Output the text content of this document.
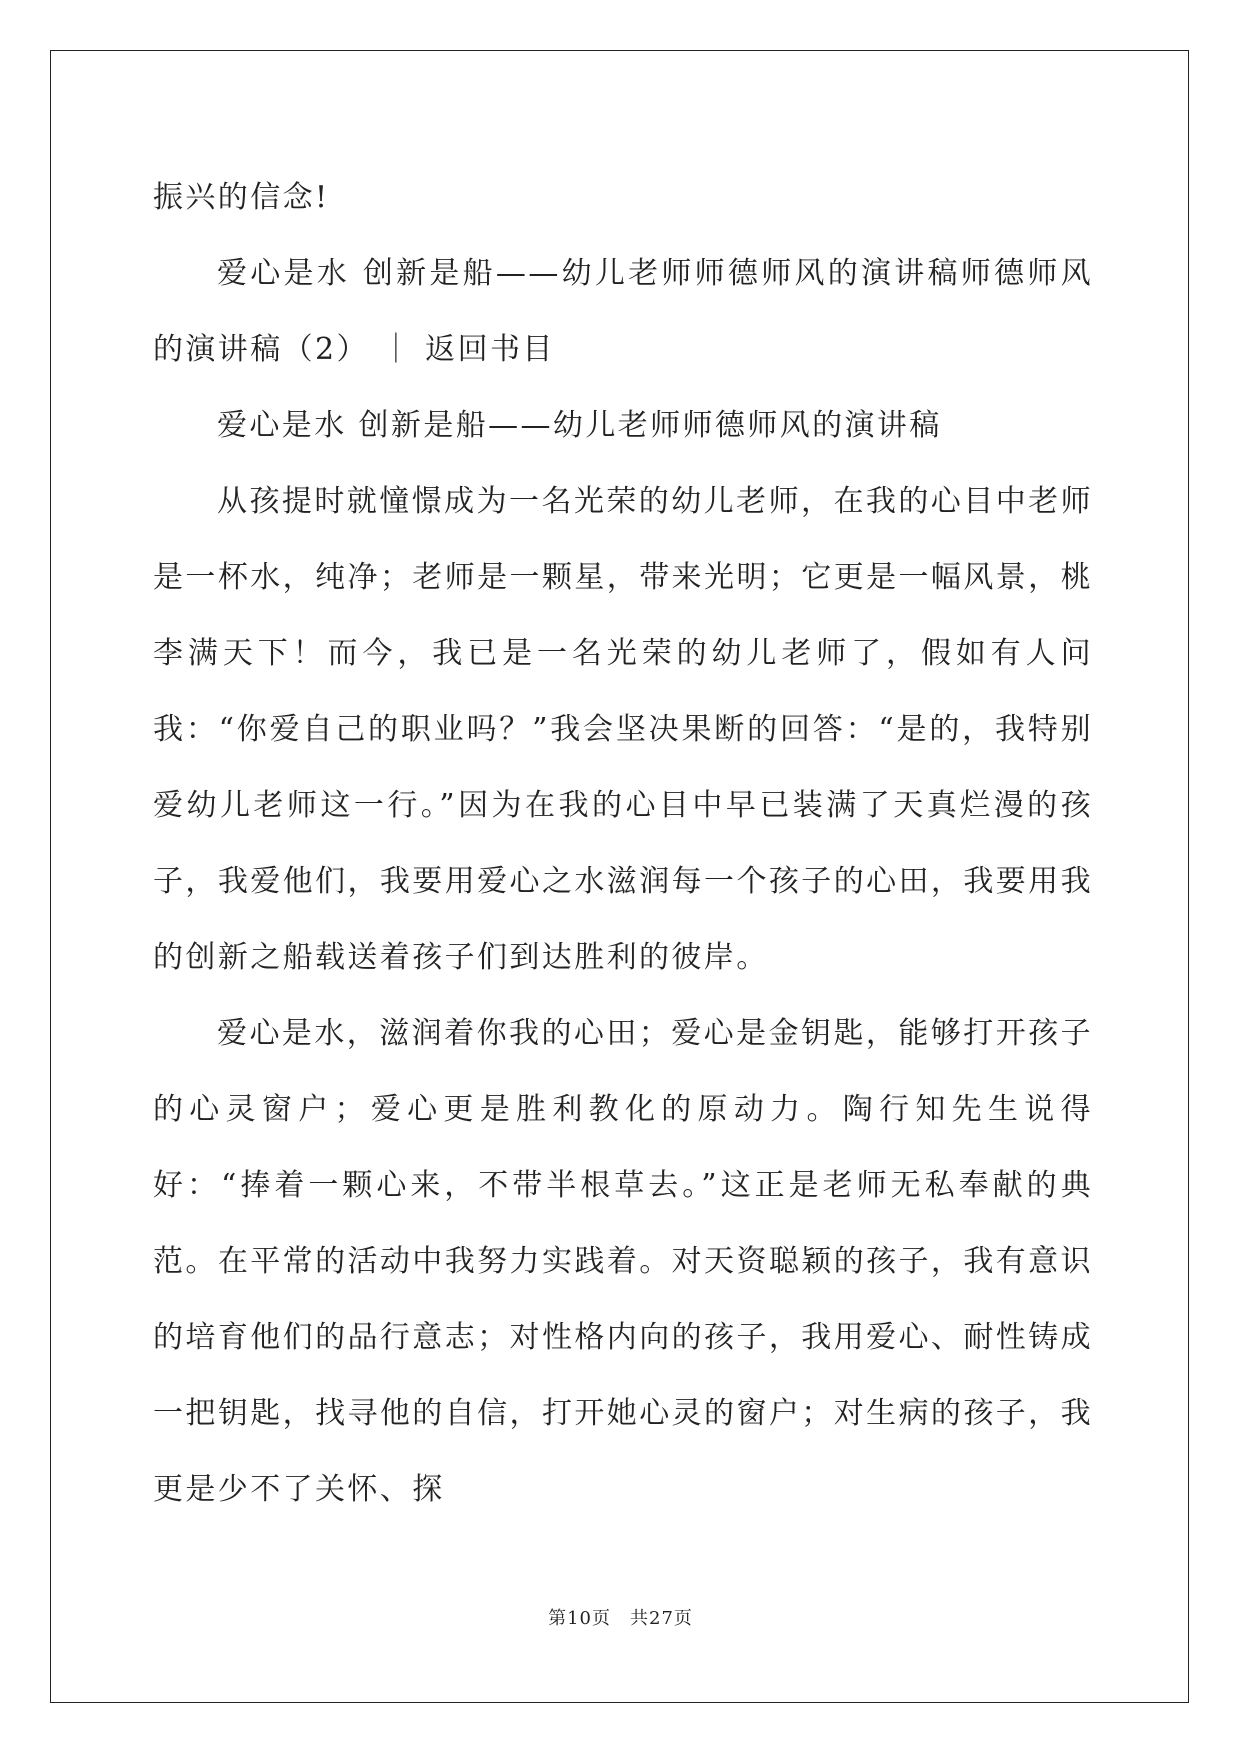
振兴的信念!

爱心是水 创新是船——幼儿老师师德师风的演讲稿师德师风的演讲稿（2） ｜ 返回书目

爱心是水 创新是船——幼儿老师师德师风的演讲稿

从孩提时就憧憬成为一名光荣的幼儿老师，在我的心目中老师是一杯水，纯净；老师是一颗星，带来光明；它更是一幅风景，桃李满天下！而今，我已是一名光荣的幼儿老师了，假如有人问我：“你爱自己的职业吗？”我会坚决果断的回答：“是的，我特别爱幼儿老师这一行。”因为在我的心目中早已装满了天真烂漫的孩子，我爱他们，我要用爱心之水滋润每一个孩子的心田，我要用我的创新之船载送着孩子们到达胜利的彼岸。

爱心是水，滋润着你我的心田；爱心是金钥匙，能够打开孩子的心灵窗户；爱心更是胜利教化的原动力。陶行知先生说得好：“捧着一颗心来，不带半根草去。”这正是老师无私奉献的典范。在平常的活动中我努力实践着。对天资聪颖的孩子，我有意识的培育他们的品行意志；对性格内向的孩子，我用爱心、耐性铸成一把钥匙，找寻他的自信，打开她心灵的窗户；对生病的孩子，我更是少不了关怀、探

第10页　共27页
